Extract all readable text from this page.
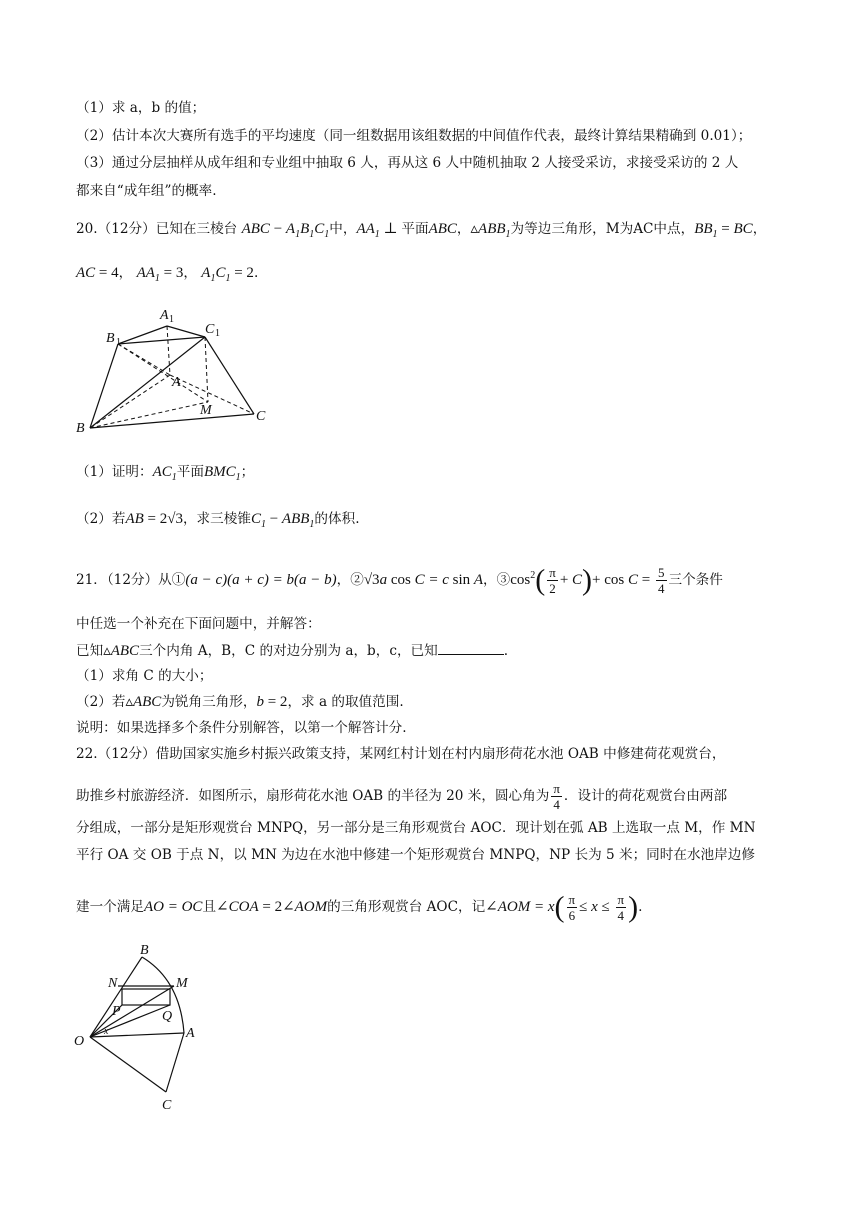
（1）求 a，b 的值；
（2）估计本次大赛所有选手的平均速度（同一组数据用该组数据的中间值作代表，最终计算结果精确到 0.01）；
（3）通过分层抽样从成年组和专业组中抽取 6 人，再从这 6 人中随机抽取 2 人接受采访，求接受采访的 2 人
都来自“成年组”的概率.
20.（12分）已知在三棱台 ABC − $A_1B_1C_1$中，$AA_1$ ⊥ 平面ABC，$▵ABB_1$为等边三角形，M为AC中点，$BB_1$ = BC，
AC = 4， $AA_1 = 3$， $A_1C_1 = 2$.
A 1
B 1
C 1
A
M
B
C
（1）证明：$AC_1$平面$BMC_1$；
（2）若AB = 2√3，求三棱锥$C_1 - ABB_1$的体积.
21．（12分）从①(a − c)(a + c) = b(a − b)，②√3a cos C = c sin A，$③\cos^2( \frac{\pi}{2} + C)+ \cos C = \frac{5}{4}$ 三个条件
中任选一个补充在下面问题中，并解答：
已知▵ABC三个内角 A，B，C 的对边分别为 a，b，c，已知	.
（1）求角 C 的大小；
（2）若▵ABC为锐角三角形，b = 2，求 a 的取值范围.
说明：如果选择多个条件分别解答，以第一个解答计分.
22.（12分）借助国家实施乡村振兴政策支持，某网红村计划在村内扇形荷花水池 OAB 中修建荷花观赏台，
助推乡村旅游经济．如图所示，扇形荷花水池 OAB 的半径为 20 米，圆心角为 $\frac{\pi}{4}$ ．设计的荷花观赏台由两部
分组成，一部分是矩形观赏台 MNPQ，另一部分是三角形观赏台 AOC．现计划在弧 AB 上选取一点 M，作 MN
平行 OA 交 OB 于点 N，以 MN 为边在水池中修建一个矩形观赏台 MNPQ，NP 长为 5 米；同时在水池岸边修
建一个满足AO = OC且∠COA = 2∠AOM的三角形观赏台 AOC，记∠AOM = $x( \frac{\pi}{6} \le x \le \frac{\pi}{4}$ ).
B
N	M
P	Q
O
x	A
C
